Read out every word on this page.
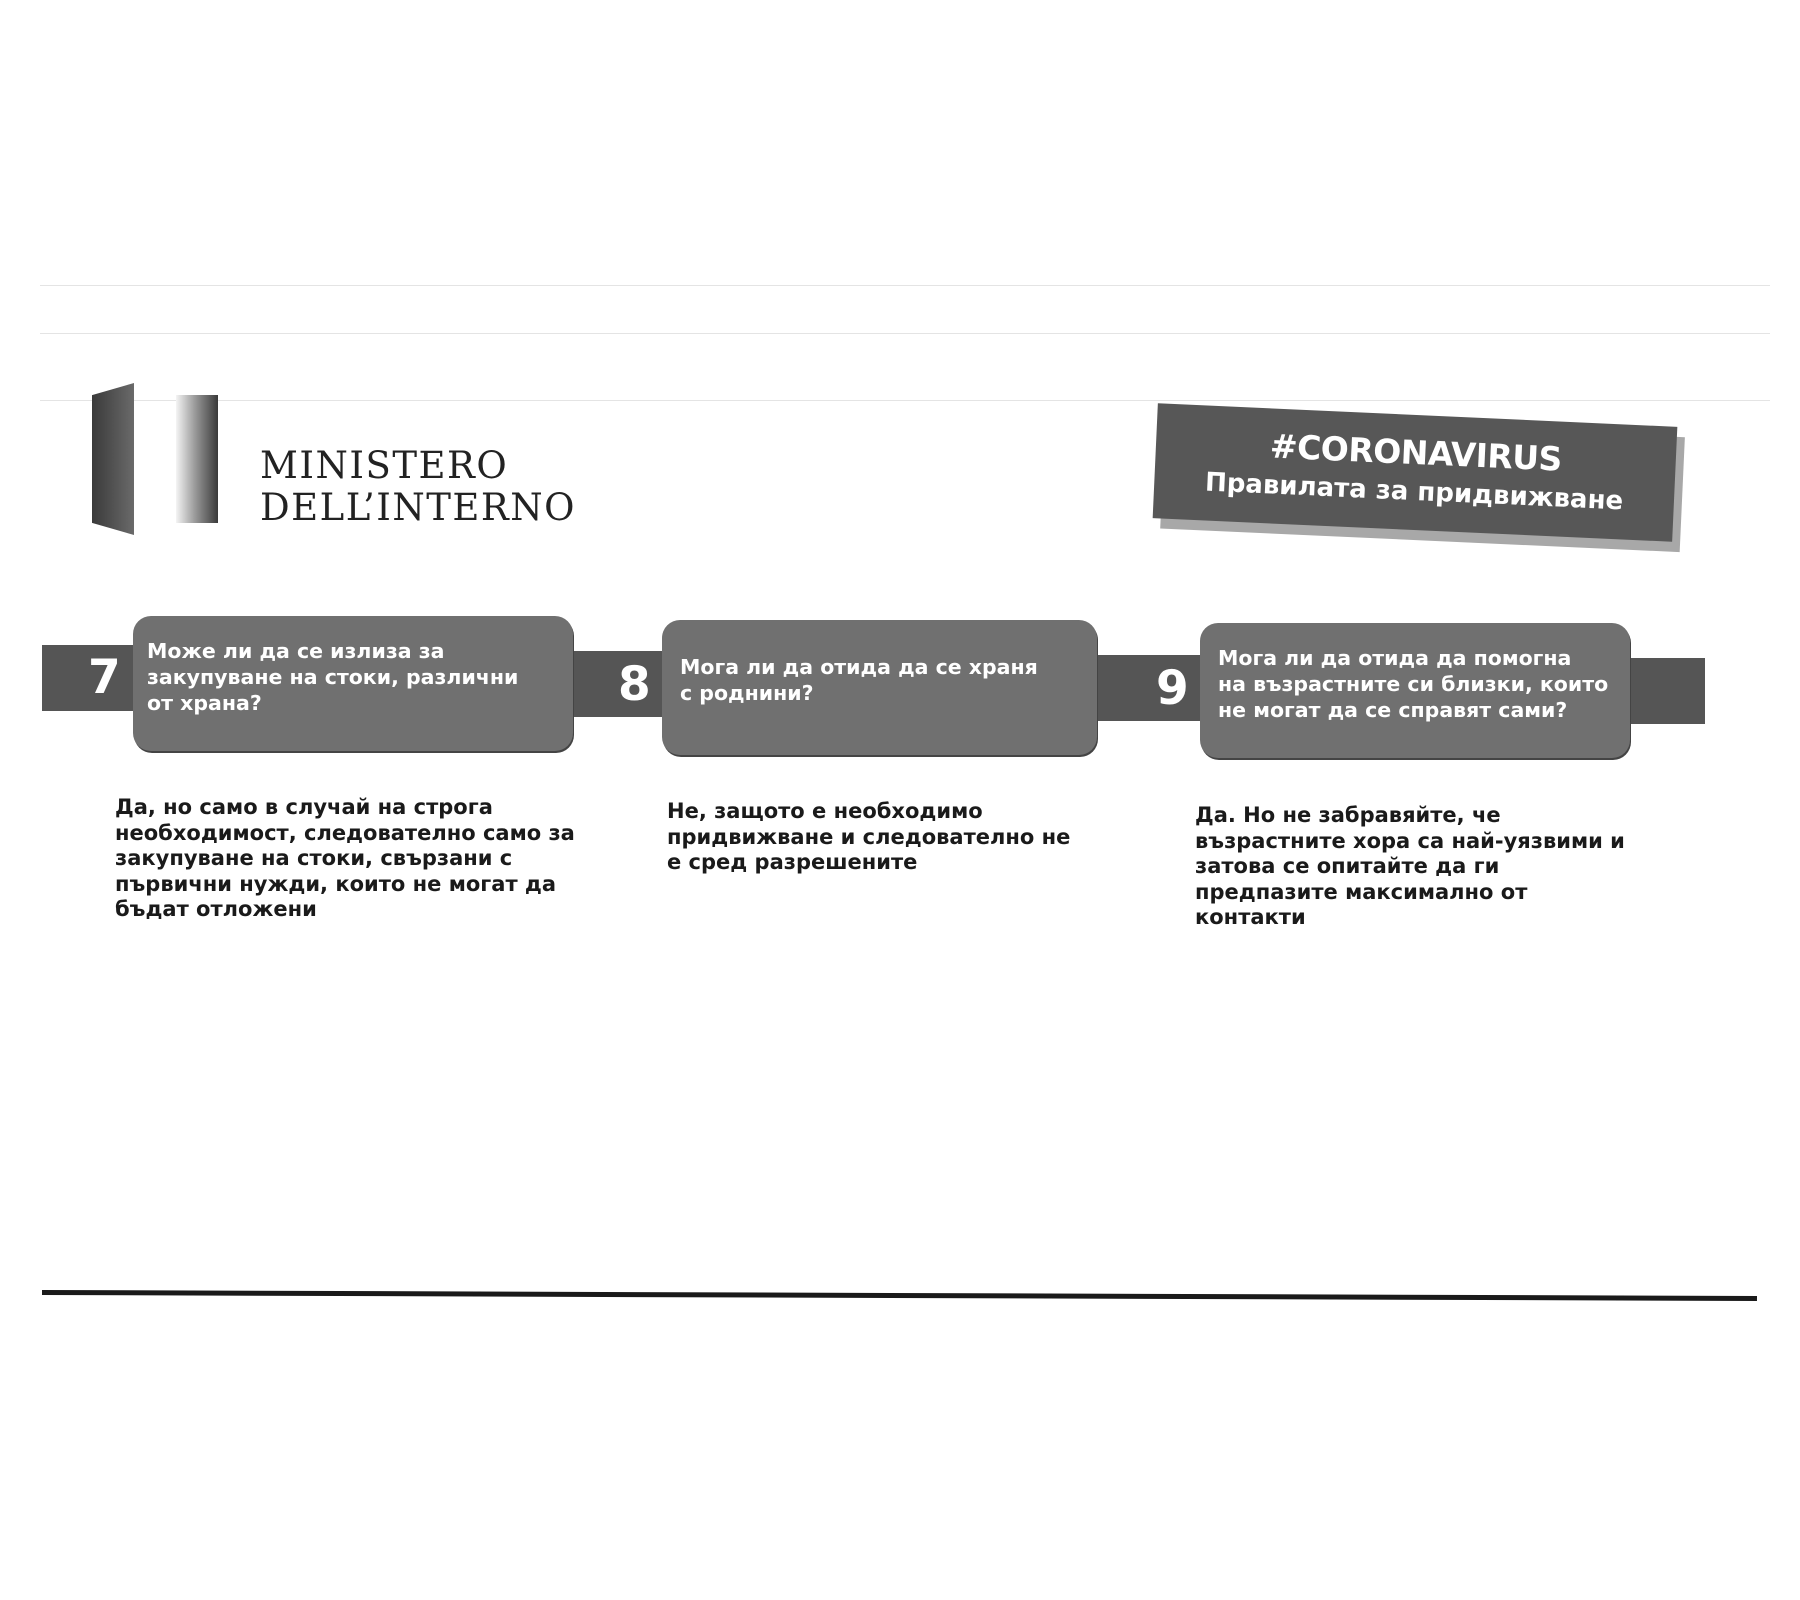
MINISTERO
DELL’INTERNO
#CORONAVIRUS
Правилата за придвижване
7	8	9
Може ли да се излиза за
закупуване на стоки, различни
от храна?
Мога ли да отида да се храня
с роднини?
Мога ли да отида да помогна
на възрастните си близки, които
не могат да се справят сами?
Да, но само в случай на строга
необходимост, следователно само за
закупуване на стоки, свързани с
първични нужди, които не могат да
бъдат отложени
Не, защото е необходимо
придвижване и следователно не
е сред разрешените
Да. Но не забравяйте, че
възрастните хора са най-уязвими и
затова се опитайте да ги
предпазите максимално от
контакти
